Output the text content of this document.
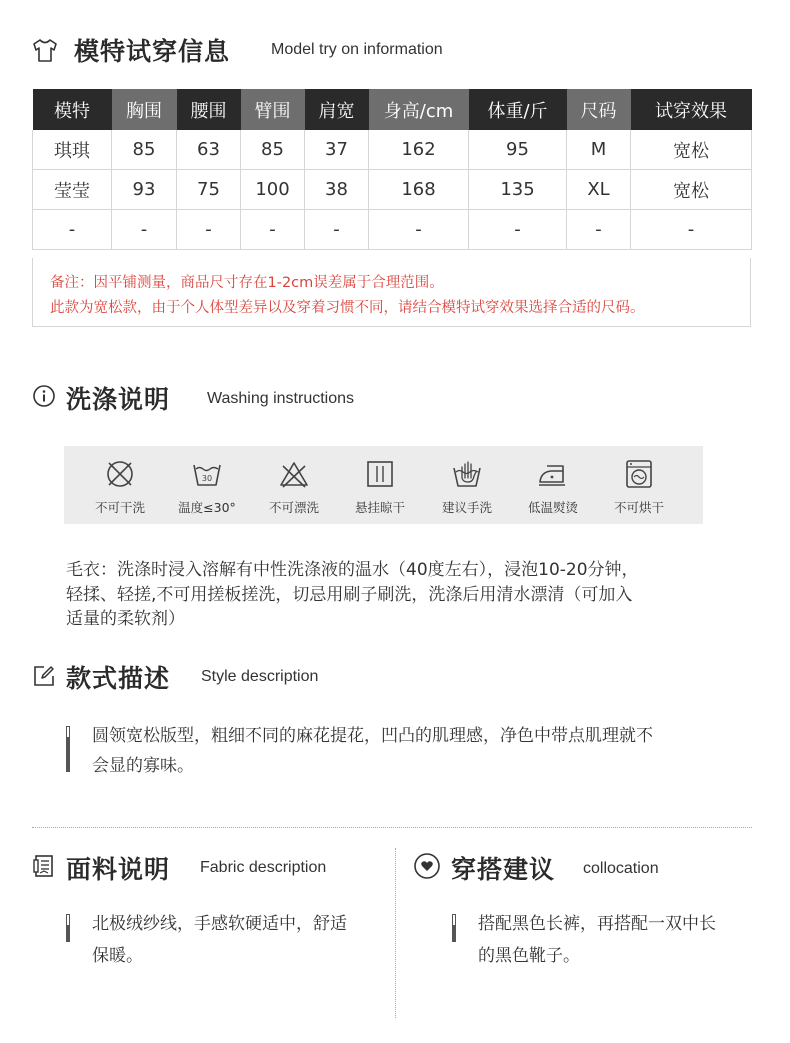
模特试穿信息	Model try on information
模特	胸围	腰围	臂围	肩宽	身高/cm	体重/斤	尺码	试穿效果
琪琪	85	63	85	37	162	95	M	宽松
莹莹	93	75	100	38	168	135	XL	宽松
-	-	-	-	-	-	-	-	-
备注：因平铺测量，商品尺寸存在1-2cm误差属于合理范围。
此款为宽松款，由于个人体型差异以及穿着习惯不同，请结合模特试穿效果选择合适的尺码。
洗涤说明 Washing instructions
不可干洗
30
温度≤30°	不可漂洗	悬挂晾干	建议手洗	低温熨烫	不可烘干
毛衣：洗涤时浸入溶解有中性洗涤液的温水（40度左右），浸泡10-20分钟，
轻揉、轻搓,不可用搓板搓洗，切忌用刷子刷洗，洗涤后用清水漂清（可加入
适量的柔软剂）
款式描述 Style description
圆领宽松版型，粗细不同的麻花提花，凹凸的肌理感，净色中带点肌理就不
会显的寡味。
面料说明 Fabric description
北极绒纱线，手感软硬适中，舒适
保暖。
穿搭建议 collocation
搭配黑色长裤，再搭配一双中长
的黑色靴子。
